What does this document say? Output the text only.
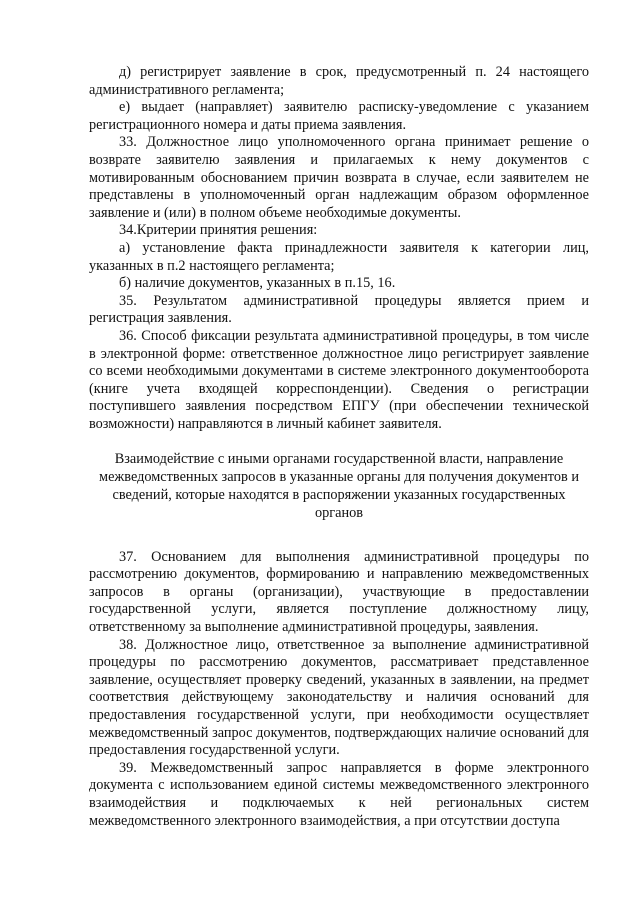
д) регистрирует заявление в срок, предусмотренный п. 24 настоящего административного регламента;

е) выдает (направляет) заявителю расписку-уведомление с указанием регистрационного номера и даты приема заявления.

33. Должностное лицо уполномоченного органа принимает решение о возврате заявителю заявления и прилагаемых к нему документов с мотивированным обоснованием причин возврата в случае, если заявителем не представлены в уполномоченный орган надлежащим образом оформленное заявление и (или) в полном объеме необходимые документы.

34.Критерии принятия решения:

а) установление факта принадлежности заявителя к категории лиц, указанных в п.2 настоящего регламента;

б) наличие документов, указанных в п.15, 16.

35. Результатом административной процедуры является прием и регистрация заявления.

36. Способ фиксации результата административной процедуры, в том числе в электронной форме: ответственное должностное лицо регистрирует заявление со всеми необходимыми документами в системе электронного документооборота (книге учета входящей корреспонденции). Сведения о регистрации поступившего заявления посредством ЕПГУ (при обеспечении технической возможности) направляются в личный кабинет заявителя.

Взаимодействие с иными органами государственной власти, направление межведомственных запросов в указанные органы для получения документов и сведений, которые находятся в распоряжении указанных государственных органов

37. Основанием для выполнения административной процедуры по рассмотрению документов, формированию и направлению межведомственных запросов в органы (организации), участвующие в предоставлении государственной услуги, является поступление должностному лицу, ответственному за выполнение административной процедуры, заявления.

38. Должностное лицо, ответственное за выполнение административной процедуры по рассмотрению документов, рассматривает представленное заявление, осуществляет проверку сведений, указанных в заявлении, на предмет соответствия действующему законодательству и наличия оснований для предоставления государственной услуги, при необходимости осуществляет межведомственный запрос документов, подтверждающих наличие оснований для предоставления государственной услуги.

39. Межведомственный запрос направляется в форме электронного документа с использованием единой системы межведомственного электронного взаимодействия и подключаемых к ней региональных систем межведомственного электронного взаимодействия, а при отсутствии доступа
